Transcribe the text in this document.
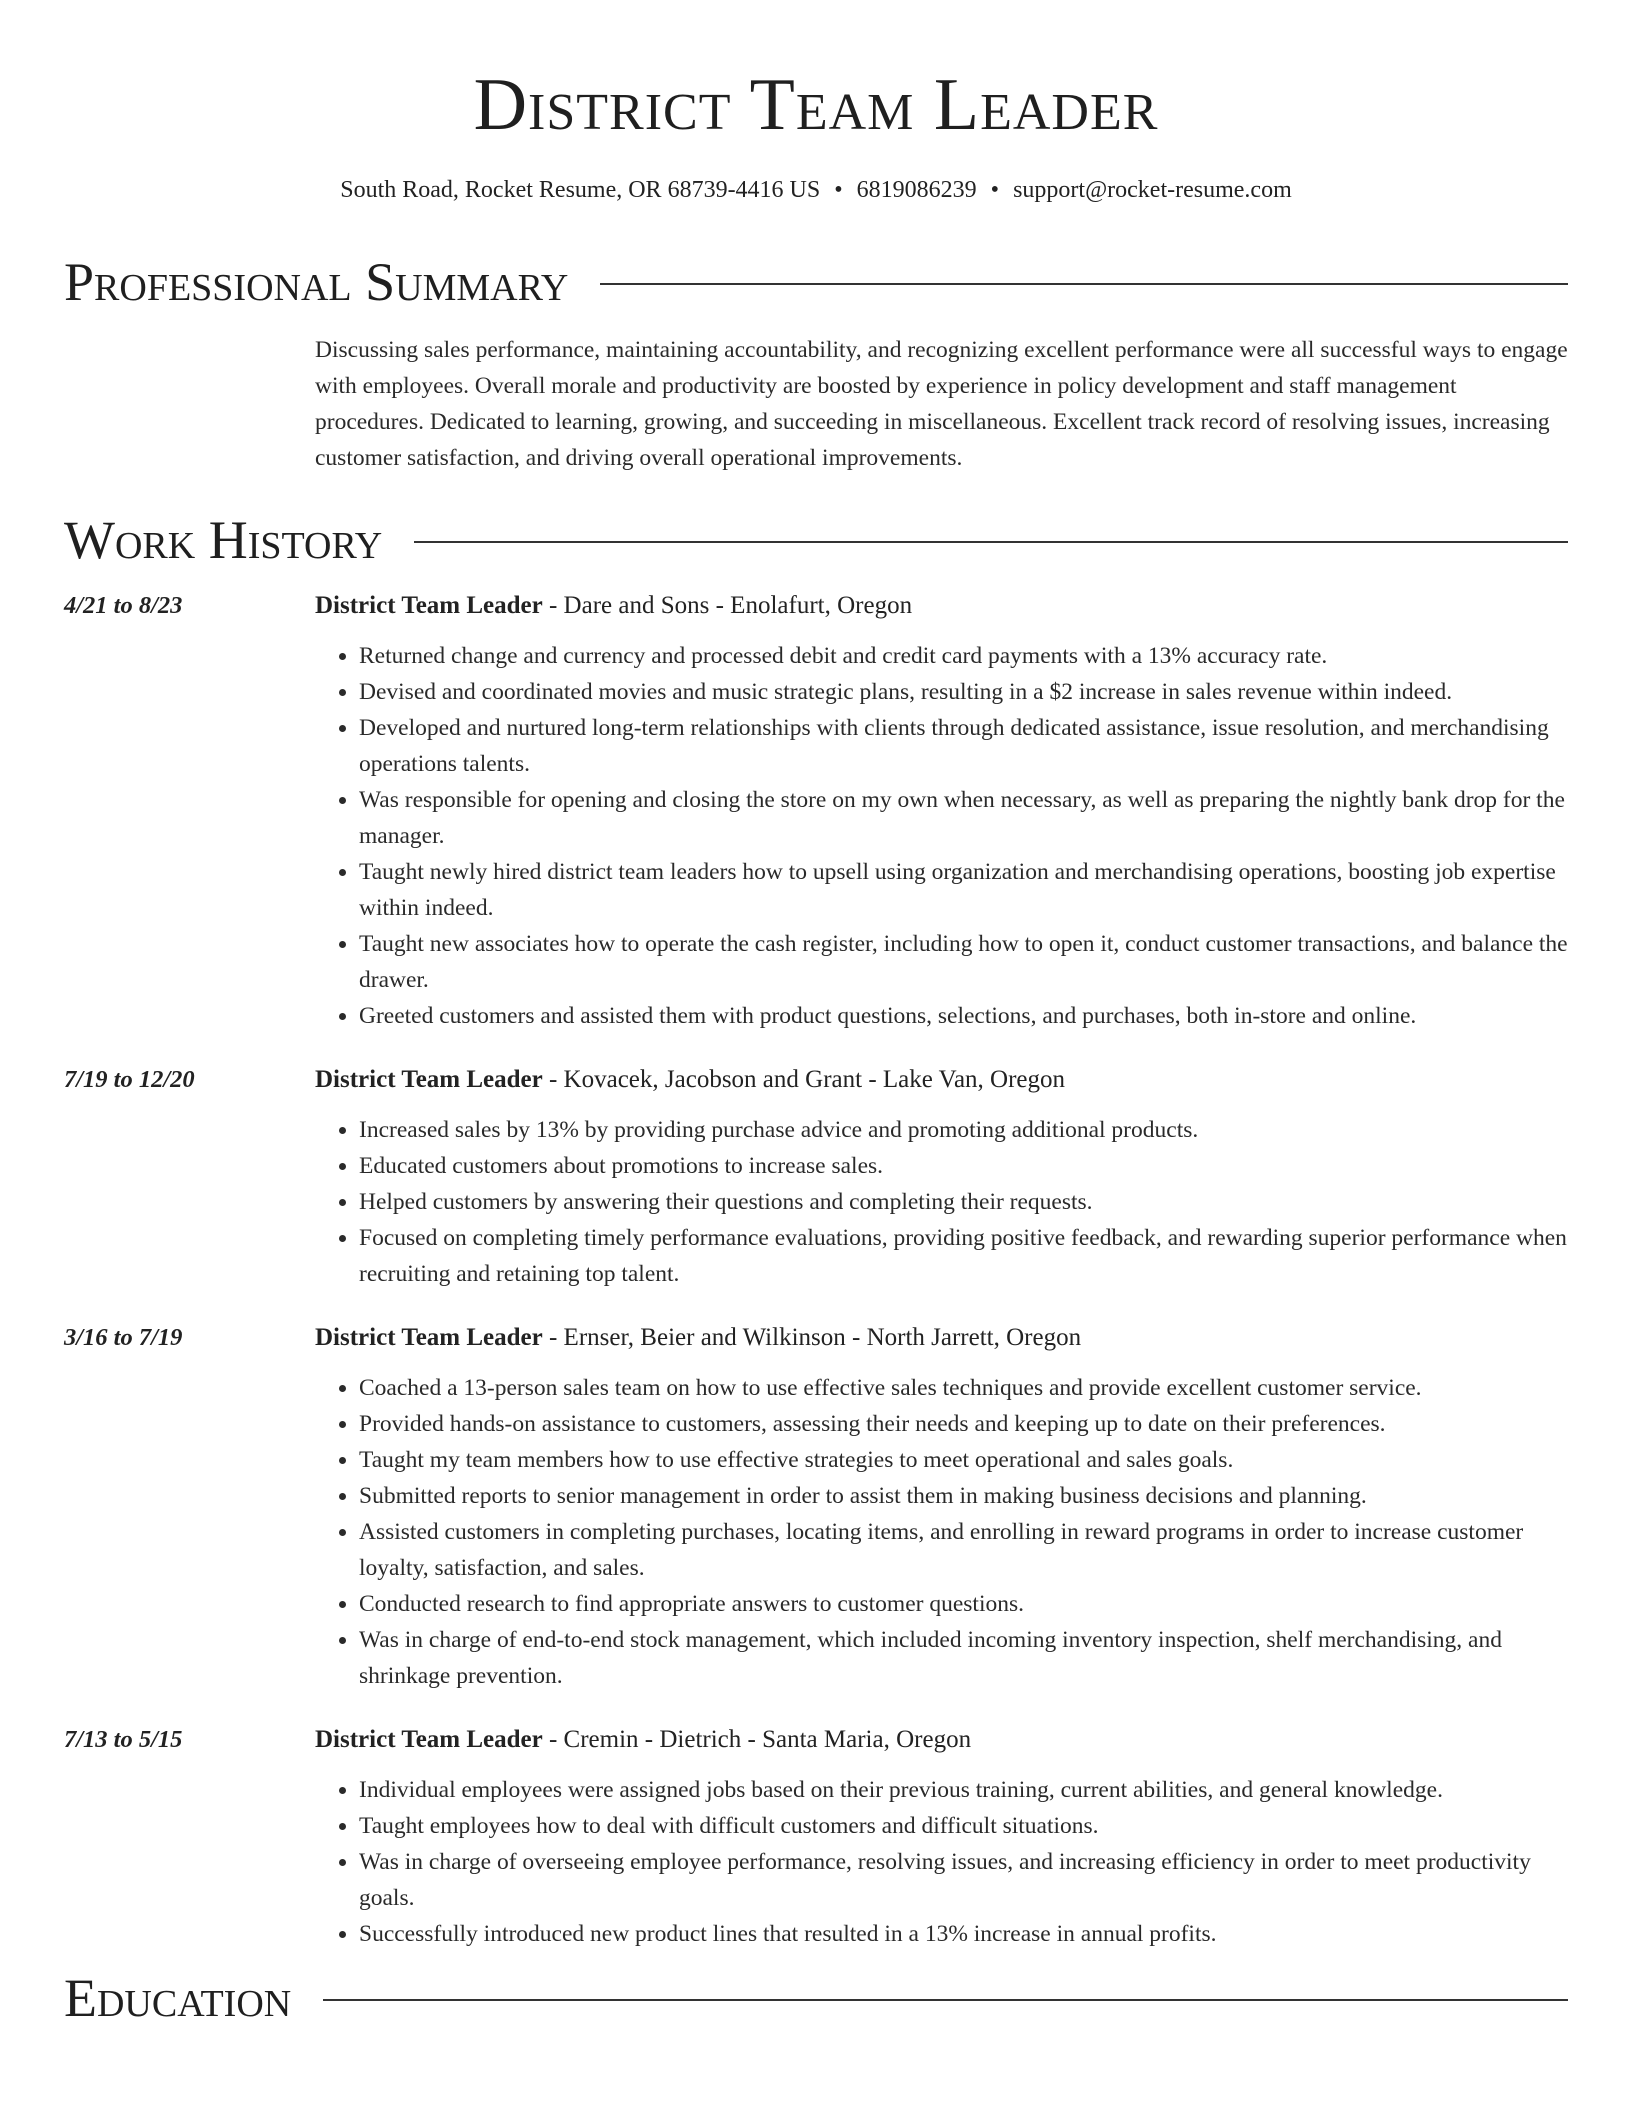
District Team Leader
South Road, Rocket Resume, OR 68739-4416 US • 6819086239 • support@rocket-resume.com
Professional Summary
Discussing sales performance, maintaining accountability, and recognizing excellent performance were all successful ways to engage with employees. Overall morale and productivity are boosted by experience in policy development and staff management procedures. Dedicated to learning, growing, and succeeding in miscellaneous. Excellent track record of resolving issues, increasing customer satisfaction, and driving overall operational improvements.
Work History
4/21 to 8/23	District Team Leader - Dare and Sons - Enolafurt, Oregon
• Returned change and currency and processed debit and credit card payments with a 13% accuracy rate.
• Devised and coordinated movies and music strategic plans, resulting in a $2 increase in sales revenue within indeed.
• Developed and nurtured long-term relationships with clients through dedicated assistance, issue resolution, and merchandising operations talents.
• Was responsible for opening and closing the store on my own when necessary, as well as preparing the nightly bank drop for the manager.
• Taught newly hired district team leaders how to upsell using organization and merchandising operations, boosting job expertise within indeed.
• Taught new associates how to operate the cash register, including how to open it, conduct customer transactions, and balance the drawer.
• Greeted customers and assisted them with product questions, selections, and purchases, both in-store and online.
7/19 to 12/20	District Team Leader - Kovacek, Jacobson and Grant - Lake Van, Oregon
• Increased sales by 13% by providing purchase advice and promoting additional products.
• Educated customers about promotions to increase sales.
• Helped customers by answering their questions and completing their requests.
• Focused on completing timely performance evaluations, providing positive feedback, and rewarding superior performance when recruiting and retaining top talent.
3/16 to 7/19	District Team Leader - Ernser, Beier and Wilkinson - North Jarrett, Oregon
• Coached a 13-person sales team on how to use effective sales techniques and provide excellent customer service.
• Provided hands-on assistance to customers, assessing their needs and keeping up to date on their preferences.
• Taught my team members how to use effective strategies to meet operational and sales goals.
• Submitted reports to senior management in order to assist them in making business decisions and planning.
• Assisted customers in completing purchases, locating items, and enrolling in reward programs in order to increase customer loyalty, satisfaction, and sales.
• Conducted research to find appropriate answers to customer questions.
• Was in charge of end-to-end stock management, which included incoming inventory inspection, shelf merchandising, and shrinkage prevention.
7/13 to 5/15	District Team Leader - Cremin - Dietrich - Santa Maria, Oregon
• Individual employees were assigned jobs based on their previous training, current abilities, and general knowledge.
• Taught employees how to deal with difficult customers and difficult situations.
• Was in charge of overseeing employee performance, resolving issues, and increasing efficiency in order to meet productivity goals.
• Successfully introduced new product lines that resulted in a 13% increase in annual profits.
Education
